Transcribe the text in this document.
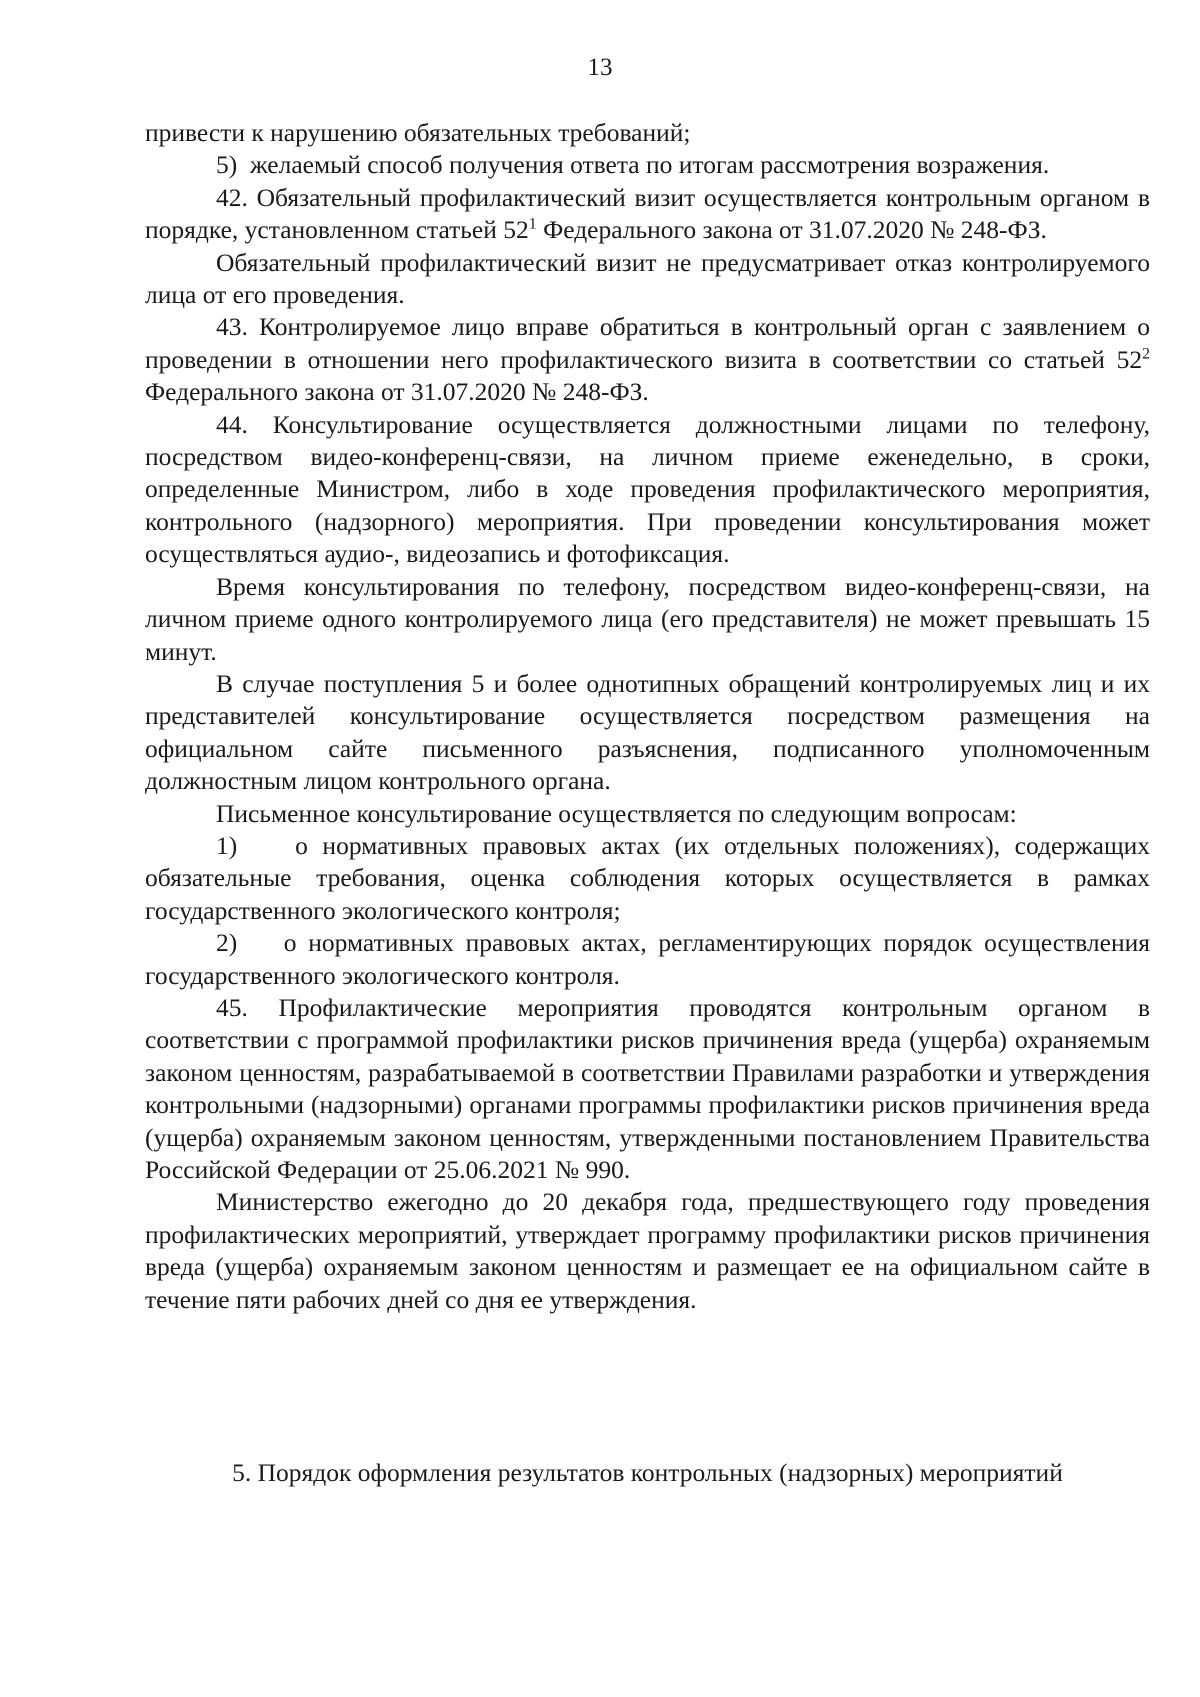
13

привести к нарушению обязательных требований;

5)  желаемый способ получения ответа по итогам рассмотрения возражения.

42. Обязательный профилактический визит осуществляется контрольным органом в порядке, установленном статьей $52^1$ Федерального закона от 31.07.2020 № 248-ФЗ.

Обязательный профилактический визит не предусматривает отказ контролируемого лица от его проведения.

43. Контролируемое лицо вправе обратиться в контрольный орган с заявлением о проведении в отношении него профилактического визита в соответствии со статьей $52^2$ Федерального закона от 31.07.2020 № 248-ФЗ.

44. Консультирование осуществляется должностными лицами по телефону, посредством видео-конференц-связи, на личном приеме еженедельно, в сроки, определенные Министром, либо в ходе проведения профилактического мероприятия, контрольного (надзорного) мероприятия. При проведении консультирования может осуществляться аудио-, видеозапись и фотофиксация.

Время консультирования по телефону, посредством видео-конференц-связи, на личном приеме одного контролируемого лица (его представителя) не может превышать 15 минут.

В случае поступления 5 и более однотипных обращений контролируемых лиц и их представителей консультирование осуществляется посредством размещения на официальном сайте письменного разъяснения, подписанного уполномоченным должностным лицом контрольного органа.

Письменное консультирование осуществляется по следующим вопросам:

1)    о нормативных правовых актах (их отдельных положениях), содержащих обязательные требования, оценка соблюдения которых осуществляется в рамках государственного экологического контроля;

2)    о нормативных правовых актах, регламентирующих порядок осуществления государственного экологического контроля.

45. Профилактические мероприятия проводятся контрольным органом в соответствии с программой профилактики рисков причинения вреда (ущерба) охраняемым законом ценностям, разрабатываемой в соответствии Правилами разработки и утверждения контрольными (надзорными) органами программы профилактики рисков причинения вреда (ущерба) охраняемым законом ценностям, утвержденными постановлением Правительства Российской Федерации от 25.06.2021 № 990.

Министерство ежегодно до 20 декабря года, предшествующего году проведения профилактических мероприятий, утверждает программу профилактики рисков причинения вреда (ущерба) охраняемым законом ценностям и размещает ее на официальном сайте в течение пяти рабочих дней со дня ее утверждения.

5. Порядок оформления результатов контрольных (надзорных) мероприятий
